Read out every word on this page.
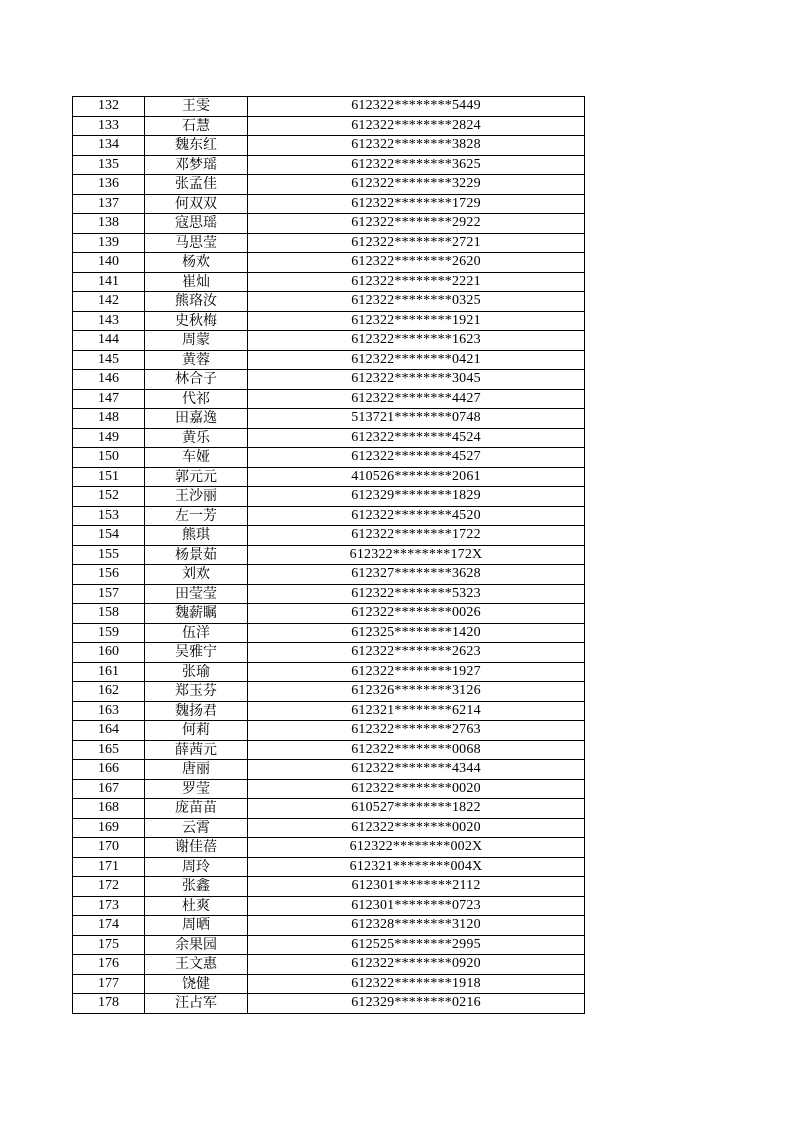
132	王雯	612322********5449
133	石慧	612322********2824
134	魏东红	612322********3828
135	邓梦瑶	612322********3625
136	张孟佳	612322********3229
137	何双双	612322********1729
138	寇思瑶	612322********2922
139	马思莹	612322********2721
140	杨欢	612322********2620
141	崔灿	612322********2221
142	熊珞汝	612322********0325
143	史秋梅	612322********1921
144	周蒙	612322********1623
145	黄蓉	612322********0421
146	林合子	612322********3045
147	代祁	612322********4427
148	田嘉逸	513721********0748
149	黄乐	612322********4524
150	车娅	612322********4527
151	郭元元	410526********2061
152	王沙丽	612329********1829
153	左一芳	612322********4520
154	熊琪	612322********1722
155	杨景茹	612322********172X
156	刘欢	612327********3628
157	田莹莹	612322********5323
158	魏薪瞩	612322********0026
159	伍洋	612325********1420
160	吴雅宁	612322********2623
161	张瑜	612322********1927
162	郑玉芬	612326********3126
163	魏扬君	612321********6214
164	何莉	612322********2763
165	薛茜元	612322********0068
166	唐丽	612322********4344
167	罗莹	612322********0020
168	庞苗苗	610527********1822
169	云霄	612322********0020
170	谢佳蓓	612322********002X
171	周玲	612321********004X
172	张鑫	612301********2112
173	杜爽	612301********0723
174	周晒	612328********3120
175	余果园	612525********2995
176	王文惠	612322********0920
177	饶健	612322********1918
178	汪占军	612329********0216
